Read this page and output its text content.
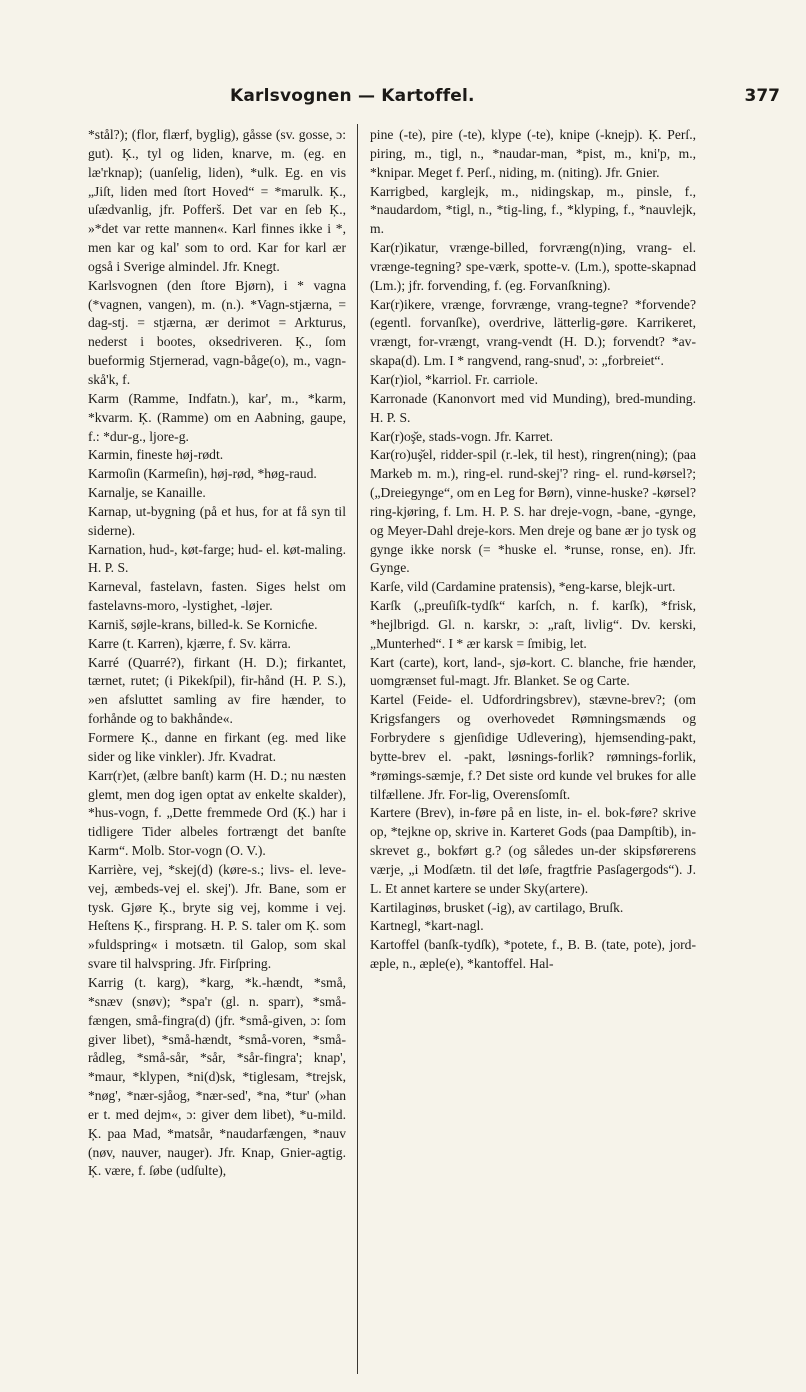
Karlsvognen — Kartoffel.	377

*stål?); (flor, flærf, byglig), gåsse (sv. gosse, ɔ: gut). Ķ., tyl og liden, knarve, m. (eg. en læ'rknap); (uanſelig, liden), *ulk. Eg. en vis „Jiſt, liden med ſtort Hoved“ = *marulk. Ķ., uſædvanlig, jfr. Pofferš. Det var en ſeb Ķ., »*det var rette mannen«. Karl finnes ikke i *, men kar og kal' som to ord. Kar for karl ær også i Sverige almindel. Jfr. Knegt.

Karlsvognen (den ſtore Bjørn), i * vagna (*vagnen, vangen), m. (n.). *Vagn-stjærna, = dag-stj. = stjærna, ær derimot = Arkturus, nederst i bootes, oksedriveren. Ķ., ſom bueformig Stjernerad, vagn-båge(o), m., vagn-skå'k, f.

Karm (Ramme, Indfatn.), kar', m., *karm, *kvarm. Ķ. (Ramme) om en Aabning, gaupe, f.: *dur-g., ljore-g.

Karmin, fineste høj-rødt.

Karmoſin (Karmeſin), høj-rød, *høg-raud.

Karnalje, se Kanaille.

Karnap, ut-bygning (på et hus, for at få syn til siderne).

Karnation, hud-, køt-farge; hud- el. køt-maling. H. P. S.

Karneval, fastelavn, fasten. Siges helst om fastelavns-moro, -lystighet, -løjer.

Karniš, søjle-krans, billed-k. Se Kornicɦe.

Karre (t. Karren), kjærre, f. Sv. kärra.

Karré (Quarré?), firkant (H. D.); firkantet, tærnet, rutet; (i Pikekſpil), fir-hånd (H. P. S.), »en afsluttet samling av fire hænder, to forhånde og to bakhånde«.

Formere Ķ., danne en firkant (eg. med like sider og like vinkler). Jfr. Kvadrat.

Karr(r)et, (ælbre banſt) karm (H. D.; nu næsten glemt, men dog igen optat av enkelte skalder), *hus-vogn, f. „Dette fremmede Ord (Ķ.) har i tidligere Tider albeles fortrængt det banſte Karm“. Molb. Stor-vogn (O. V.).

Karrière, vej, *skej(d) (køre-s.; livs- el. leve-vej, æmbeds-vej el. skej'). Jfr. Bane, som er tysk. Gjøre Ķ., bryte sig vej, komme i vej. Heſtens Ķ., firsprang. H. P. S. taler om Ķ. som »fuldspring« i motsætn. til Galop, som skal svare til halvspring. Jfr. Firſpring.

Karrig (t. karg), *karg, *k.-hændt, *små, *snæv (snøv); *spa'r (gl. n. sparr), *små-fængen, små-fingra(d) (jfr. *små-given, ɔ: ſom giver libet), *små-hændt, *små-voren, *små-rådleg, *små-sår, *sår, *sår-fingra'; knap', *maur, *klypen, *ni(d)sk, *tiglesam, *trejsk, *nøg', *nær-sjåog, *nær-sed', *na, *tur' (»han er t. med dejm«, ɔ: giver dem libet), *u-mild. Ķ. paa Mad, *matsår, *naudarfængen, *nauv (nøv, nauver, nauger). Jfr. Knap, Gnier-agtig. Ķ. være, f. ſøbe (udſulte),

pine (-te), pire (-te), klype (-te), knipe (-knejp). Ķ. Perſ., piring, m., tigl, n., *naudar-man, *pist, m., kni'p, m., *knipar. Meget f. Perſ., niding, m. (niting). Jfr. Gnier.

Karrigbed, karglejk, m., nidingskap, m., pinsle, f., *naudardom, *tigl, n., *tig-ling, f., *klyping, f., *nauvlejk, m.

Kar(r)ikatur, vrænge-billed, forvræng(n)ing, vrang- el. vrænge-tegning? spe-værk, spotte-v. (Lm.), spotte-skapnad (Lm.); jfr. forvending, f. (eg. Forvanſkning).

Kar(r)ikere, vrænge, forvrænge, vrang-tegne? *forvende? (egentl. forvanſke), overdrive, lätterlig-gøre. Karrikeret, vrængt, for-vrængt, vrang-vendt (H. D.); forvendt? *av-skapa(d). Lm. I * rangvend, rang-snud', ɔ: „forbreiet“.

Kar(r)iol, *karriol. Fr. carriole.

Karronade (Kanonvort med vid Munding), bred-munding. H. P. S.

Kar(r)oş̌e, stads-vogn. Jfr. Karret.

Kar(ro)uş̌el, ridder-spil (r.-lek, til hest), ringren(ning); (paa Markeb m. m.), ring-el. rund-skej'? ring- el. rund-kørsel?; („Dreiegynge“, om en Leg for Børn), vinne-huske? -kørsel? ring-kjøring, f. Lm. H. P. S. har dreje-vogn, -bane, -gynge, og Meyer-Dahl dreje-kors. Men dreje og bane ær jo tysk og gynge ikke norsk (= *huske el. *runse, ronse, en). Jfr. Gynge.

Karſe, vild (Cardamine pratensis), *eng-karse, blejk-urt.

Karſk („preuſiſk-tydſk“ karſch, n. f. karſk), *frisk, *hejlbrigd. Gl. n. karskr, ɔ: „raſt, livlig“. Dv. kerski, „Munterhed“. I * ær karsk = ſmibig, let.

Kart (carte), kort, land-, sjø-kort. C. blanche, frie hænder, uomgrænset ful-magt. Jfr. Blanket. Se og Carte.

Kartel (Feide- el. Udfordringsbrev), stævne-brev?; (om Krigsfangers og overhovedet Rømningsmænds og Forbrydere s gjenſidige Udlevering), hjemsending-pakt, bytte-brev el. -pakt, løsnings-forlik? rømnings-forlik, *rømings-sæmje, f.? Det siste ord kunde vel brukes for alle tilfællene. Jfr. For-lig, Overensſomſt.

Kartere (Brev), in-føre på en liste, in- el. bok-føre? skrive op, *tejkne op, skrive in. Karteret Gods (paa Dampſtib), in-skrevet g., bokført g.? (og således un-der skipsførerens værje, „i Modſætn. til det løſe, fragtfrie Pasſagergods“). J. L. Et annet kartere se under Sky(artere).

Kartilaginøs, brusket (-ig), av cartilago, Bruſk.

Kartnegl, *kart-nagl.

Kartoffel (banſk-tydſk), *potete, f., B. B. (tate, pote), jord-æple, n., æple(e), *kantoffel. Hal-
